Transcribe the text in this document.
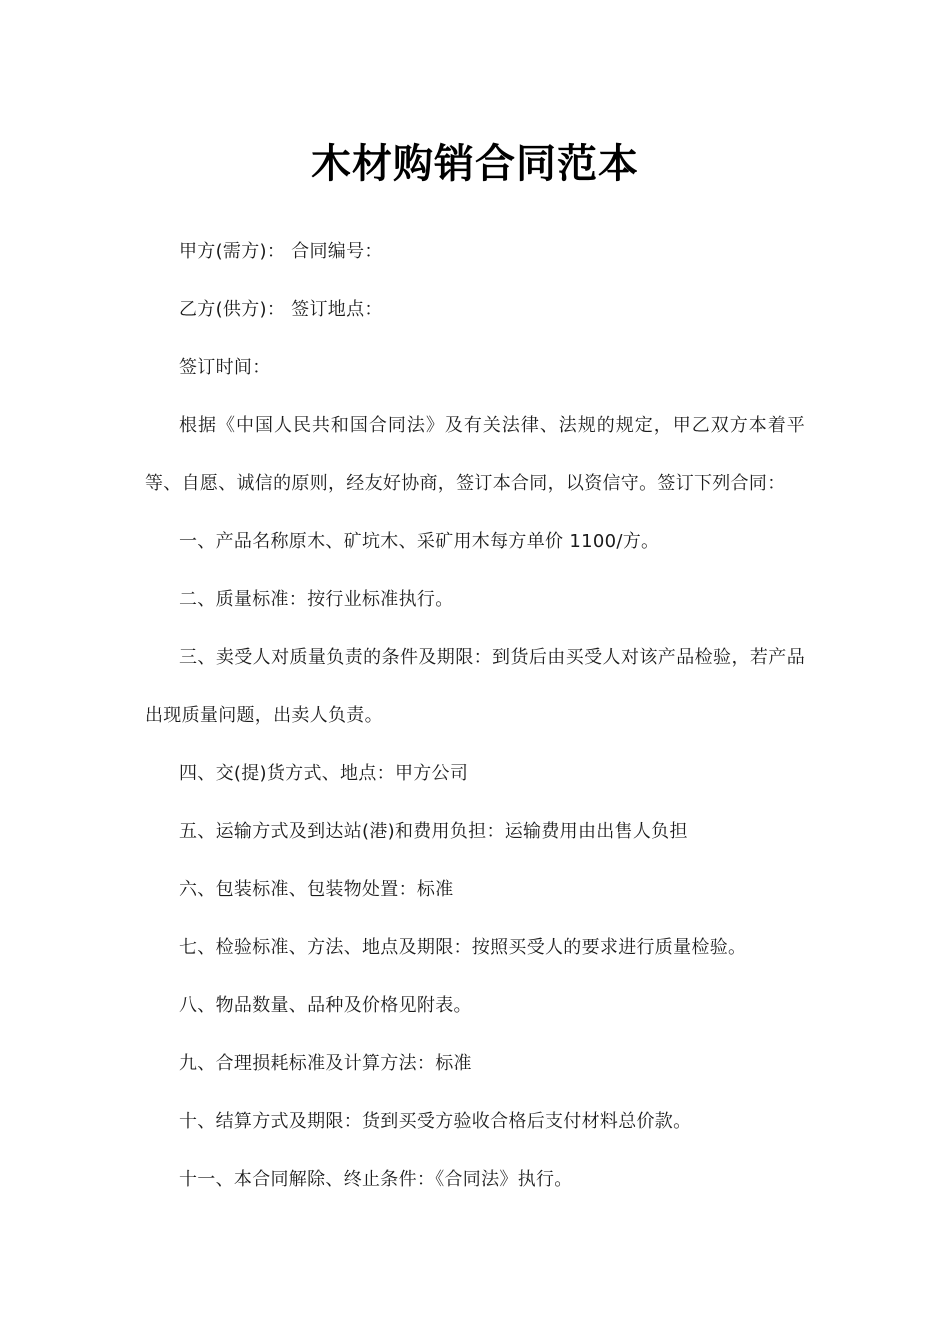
木材购销合同范本

甲方(需方)： 合同编号：

乙方(供方)： 签订地点：

签订时间：

根据《中国人民共和国合同法》及有关法律、法规的规定，甲乙双方本着平等、自愿、诚信的原则，经友好协商，签订本合同，以资信守。签订下列合同：

一、产品名称原木、矿坑木、采矿用木每方单价 1100/方。

二、质量标准：按行业标准执行。

三、卖受人对质量负责的条件及期限：到货后由买受人对该产品检验，若产品出现质量问题，出卖人负责。

四、交(提)货方式、地点：甲方公司

五、运输方式及到达站(港)和费用负担：运输费用由出售人负担

六、包装标准、包装物处置：标准

七、检验标准、方法、地点及期限：按照买受人的要求进行质量检验。

八、物品数量、品种及价格见附表。

九、合理损耗标准及计算方法：标准

十、结算方式及期限：货到买受方验收合格后支付材料总价款。

十一、本合同解除、终止条件：《合同法》执行。
